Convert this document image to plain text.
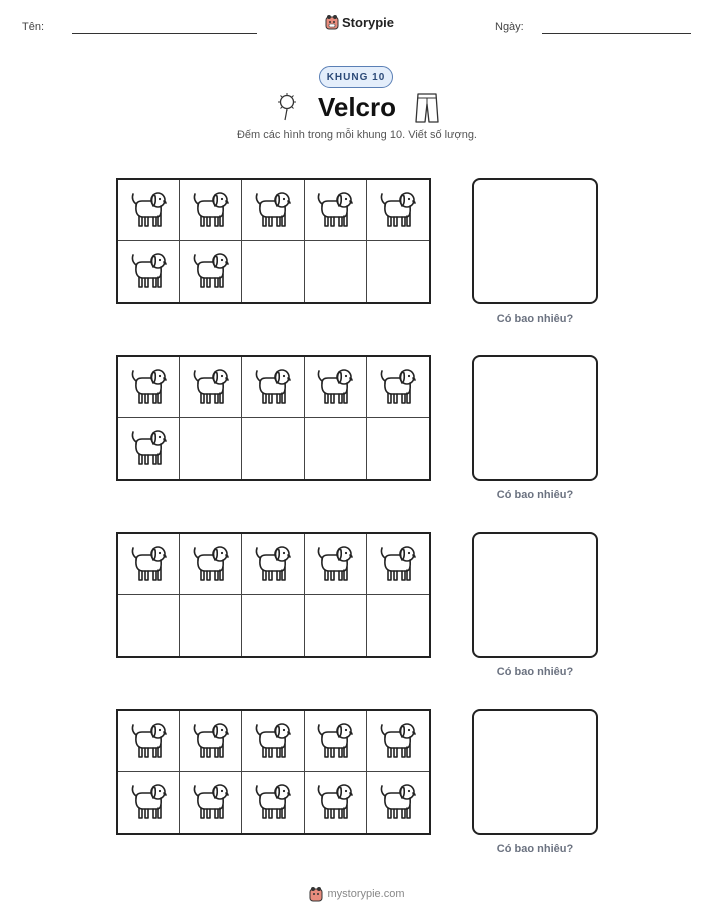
Tên:	Storypie	Ngày:
KHUNG 10
Velcro
Đếm các hình trong mỗi khung 10. Viết số lượng.
Có bao nhiêu?
Có bao nhiêu?
Có bao nhiêu?
Có bao nhiêu?
mystorypie.com
